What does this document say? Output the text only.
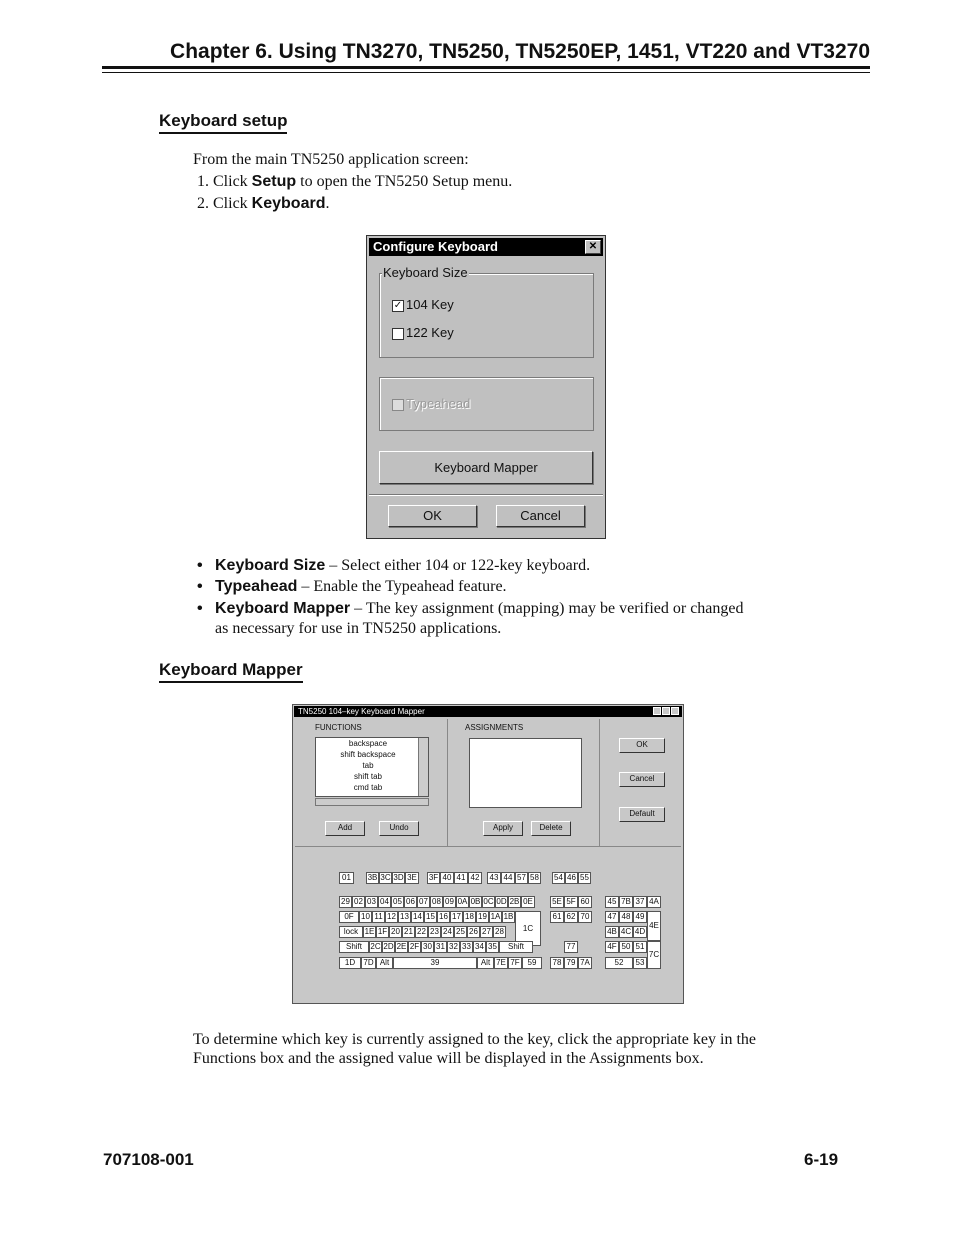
Chapter 6. Using TN3270, TN5250, TN5250EP, 1451, VT220 and VT3270
Keyboard setup
From the main TN5250 application screen:
1. Click Setup to open the TN5250 Setup menu.
2. Click Keyboard.
Configure Keyboard	✕
Keyboard Size
✓ 104 Key
122 Key
Typeahead
Keyboard Mapper
OK	Cancel
• Keyboard Size – Select either 104 or 122-key keyboard.
• Typeahead – Enable the Typeahead feature.
• Keyboard Mapper – The key assignment (mapping) may be verified or changed
as necessary for use in TN5250 applications.
Keyboard Mapper
TN5250 104–key Keyboard Mapper
FUNCTIONS
backspace
shift backspace
tab
shift tab
cmd tab
Add	Undo
ASSIGNMENTS
Apply	Delete
OK
Cancel
Default
01	3B 3C 3D 3E 3F 40 41 42	43 44 57 58 54 46 55
29 02 03 04 05 06 07 08 09 0A 0B 0C 0D 2B 0E
0F 10 11 12 13 14 15 16 17 18 19 1A 1B
1C
lock 1E 1F 20 21 22 23 24 25 26 27 28
Shift	2C 2D 2E 2F 30 31 32 33 34 35	Shift
1D	7D Alt	39	Alt 7E 7F 59
5E 5F 60
61 62 70
77
78 79 7A
45 7B 37 4A
47 48 49
4B 4C 4D
4F 50 51
52	53
4E
7C
To determine which key is currently assigned to the key, click the appropriate key in the
Functions box and the assigned value will be displayed in the Assignments box.
707108-001	6-19
